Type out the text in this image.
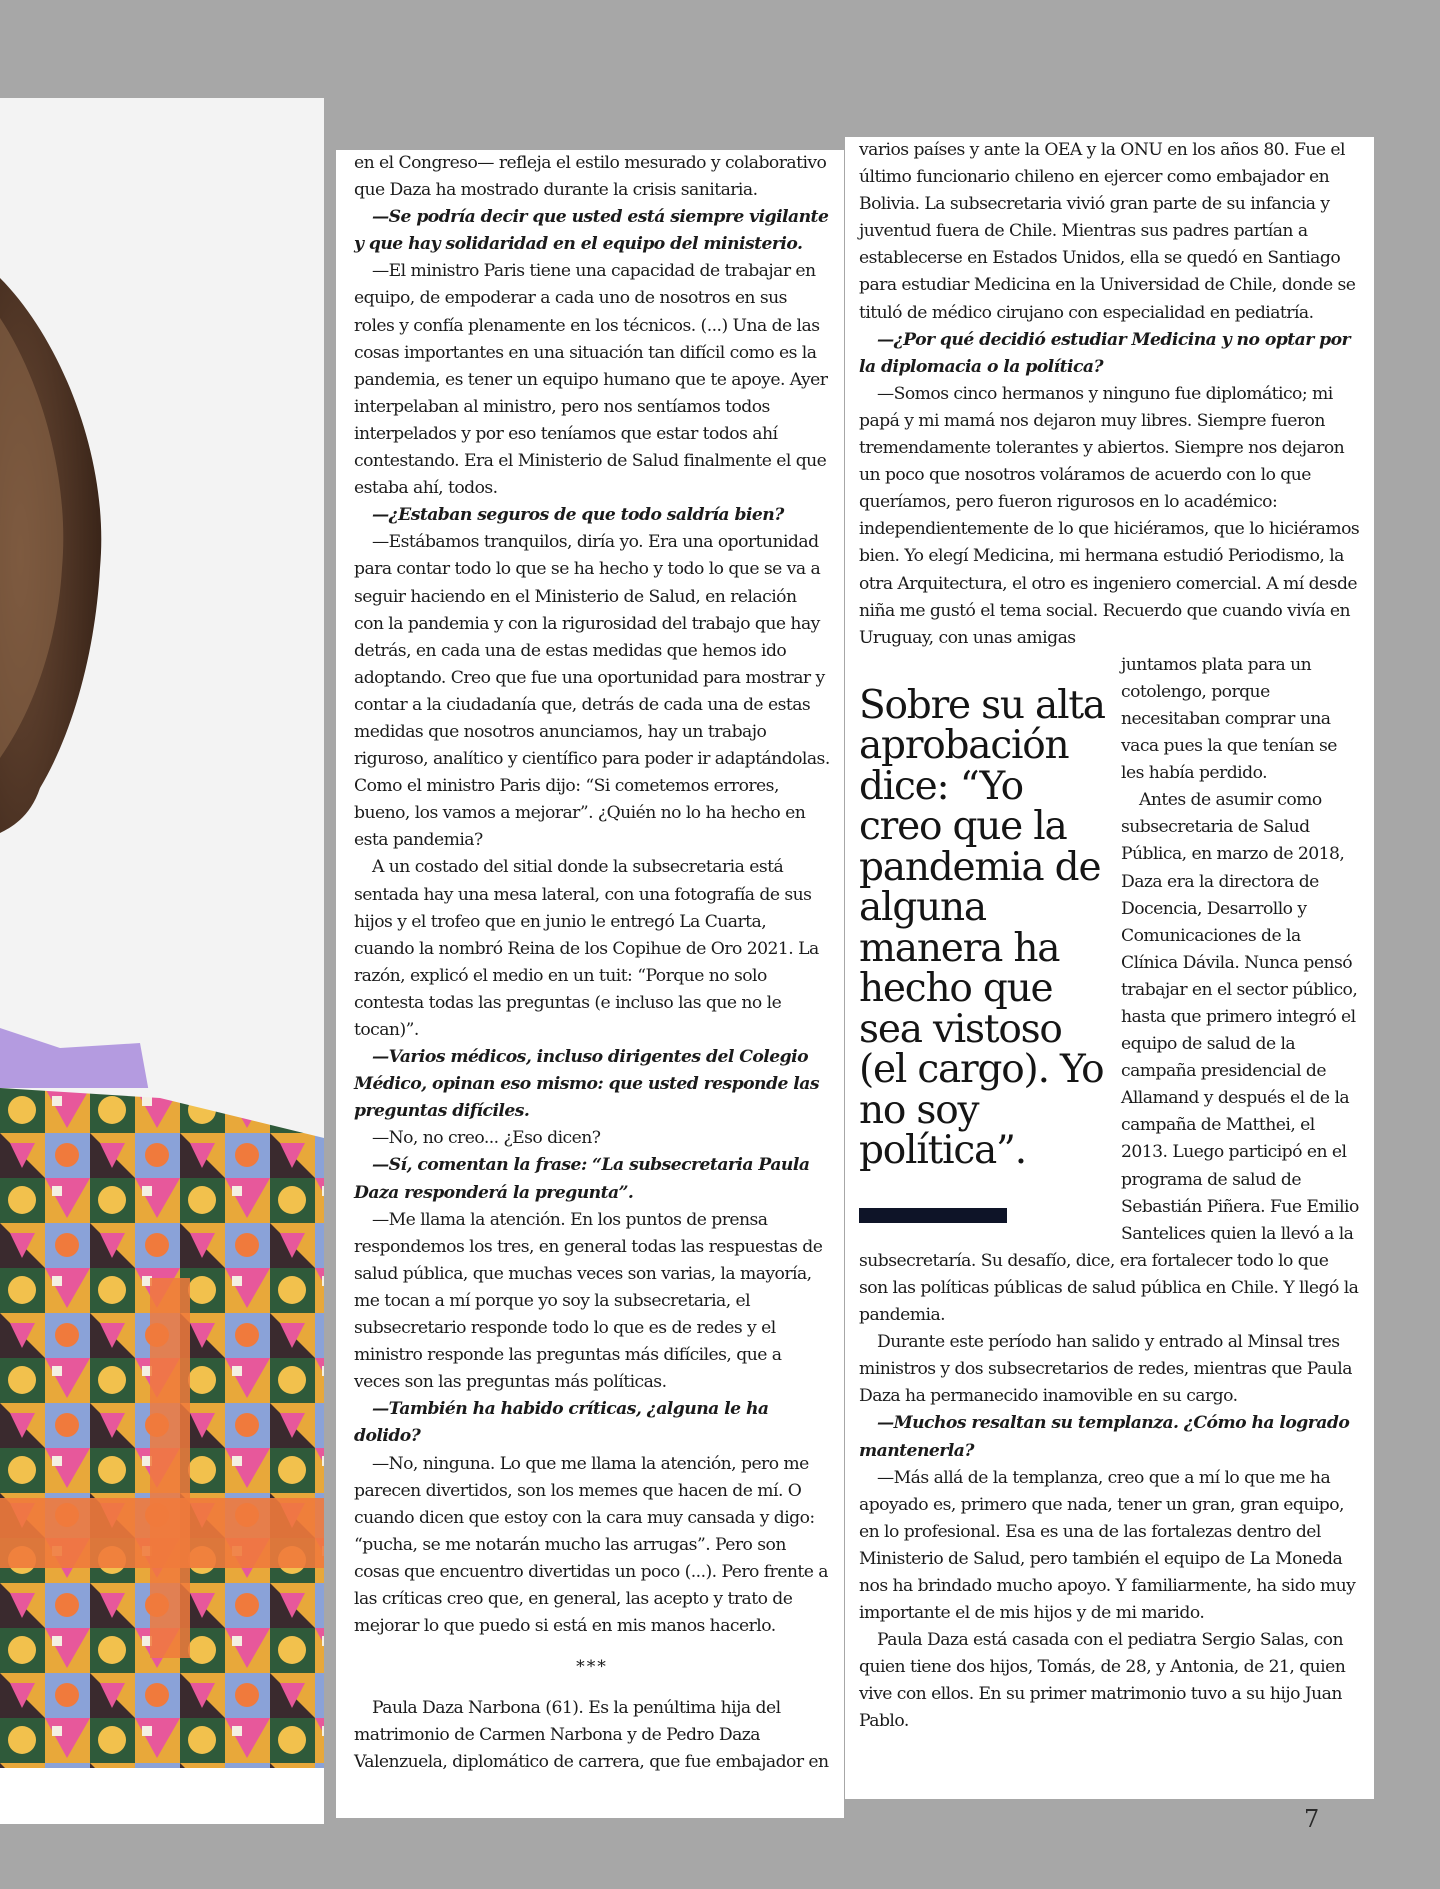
en el Congreso— refleja el estilo mesurado y colaborativo que Daza ha mostrado durante la crisis sanitaria.

—Se podría decir que usted está siempre vigilante y que hay solidaridad en el equipo del ministerio.

—El ministro Paris tiene una capacidad de trabajar en equipo, de empoderar a cada uno de nosotros en sus roles y confía plenamente en los técnicos. (...) Una de las cosas importantes en una situación tan difícil como es la pandemia, es tener un equipo humano que te apoye. Ayer interpelaban al ministro, pero nos sentíamos todos interpelados y por eso teníamos que estar todos ahí contestando. Era el Ministerio de Salud finalmente el que estaba ahí, todos.

—¿Estaban seguros de que todo saldría bien?

—Estábamos tranquilos, diría yo. Era una oportunidad para contar todo lo que se ha hecho y todo lo que se va a seguir haciendo en el Ministerio de Salud, en relación con la pandemia y con la rigurosidad del trabajo que hay detrás, en cada una de estas medidas que hemos ido adoptando. Creo que fue una oportunidad para mostrar y contar a la ciudadanía que, detrás de cada una de estas medidas que nosotros anunciamos, hay un trabajo riguroso, analítico y científico para poder ir adaptándolas. Como el ministro Paris dijo: “Si cometemos errores, bueno, los vamos a mejorar”. ¿Quién no lo ha hecho en esta pandemia?

A un costado del sitial donde la subsecretaria está sentada hay una mesa lateral, con una fotografía de sus hijos y el trofeo que en junio le entregó La Cuarta, cuando la nombró Reina de los Copihue de Oro 2021. La razón, explicó el medio en un tuit: “Porque no solo contesta todas las preguntas (e incluso las que no le tocan)”.

—Varios médicos, incluso dirigentes del Colegio Médico, opinan eso mismo: que usted responde las preguntas difíciles.

—No, no creo... ¿Eso dicen?

—Sí, comentan la frase: “La subsecretaria Paula Daza responderá la pregunta”.

—Me llama la atención. En los puntos de prensa respondemos los tres, en general todas las respuestas de salud pública, que muchas veces son varias, la mayoría, me tocan a mí porque yo soy la subsecretaria, el subsecretario responde todo lo que es de redes y el ministro responde las preguntas más difíciles, que a veces son las preguntas más políticas.

—También ha habido críticas, ¿alguna le ha dolido?

—No, ninguna. Lo que me llama la atención, pero me parecen divertidos, son los memes que hacen de mí. O cuando dicen que estoy con la cara muy cansada y digo: “pucha, se me notarán mucho las arrugas”. Pero son cosas que encuentro divertidas un poco (...). Pero frente a las críticas creo que, en general, las acepto y trato de mejorar lo que puedo si está en mis manos hacerlo.

***

Paula Daza Narbona (61). Es la penúltima hija del matrimonio de Carmen Narbona y de Pedro Daza Valenzuela, diplomático de carrera, que fue embajador en

varios países y ante la OEA y la ONU en los años 80. Fue el último funcionario chileno en ejercer como embajador en Bolivia. La subsecretaria vivió gran parte de su infancia y juventud fuera de Chile. Mientras sus padres partían a establecerse en Estados Unidos, ella se quedó en Santiago para estudiar Medicina en la Universidad de Chile, donde se tituló de médico cirujano con especialidad en pediatría.

—¿Por qué decidió estudiar Medicina y no optar por la diplomacia o la política?

—Somos cinco hermanos y ninguno fue diplomático; mi papá y mi mamá nos dejaron muy libres. Siempre fueron tremendamente tolerantes y abiertos. Siempre nos dejaron un poco que nosotros voláramos de acuerdo con lo que queríamos, pero fueron rigurosos en lo académico: independientemente de lo que hiciéramos, que lo hiciéramos bien. Yo elegí Medicina, mi hermana estudió Periodismo, la otra Arquitectura, el otro es ingeniero comercial. A mí desde niña me gustó el tema social. Recuerdo que cuando vivía en Uruguay, con unas amigas

Sobre su alta aprobación dice: “Yo creo que la pandemia de alguna manera ha hecho que sea vistoso (el cargo). Yo no soy política”.

juntamos plata para un cotolengo, porque necesitaban comprar una vaca pues la que tenían se les había perdido.

Antes de asumir como subsecretaria de Salud Pública, en marzo de 2018, Daza era la directora de Docencia, Desarrollo y Comunicaciones de la Clínica Dávila. Nunca pensó trabajar en el sector público, hasta que primero integró el equipo de salud de la campaña presidencial de Allamand y después el de la campaña de Matthei, el 2013. Luego participó en el programa de salud de Sebastián Piñera. Fue Emilio Santelices quien la llevó a la subsecretaría. Su desafío, dice, era fortalecer todo lo que son las políticas públicas de salud pública en Chile. Y llegó la pandemia.

Durante este período han salido y entrado al Minsal tres ministros y dos subsecretarios de redes, mientras que Paula Daza ha permanecido inamovible en su cargo.

—Muchos resaltan su templanza. ¿Cómo ha logrado mantenerla?

—Más allá de la templanza, creo que a mí lo que me ha apoyado es, primero que nada, tener un gran, gran equipo, en lo profesional. Esa es una de las fortalezas dentro del Ministerio de Salud, pero también el equipo de La Moneda nos ha brindado mucho apoyo. Y familiarmente, ha sido muy importante el de mis hijos y de mi marido.

Paula Daza está casada con el pediatra Sergio Salas, con quien tiene dos hijos, Tomás, de 28, y Antonia, de 21, quien vive con ellos. En su primer matrimonio tuvo a su hijo Juan Pablo.

7
